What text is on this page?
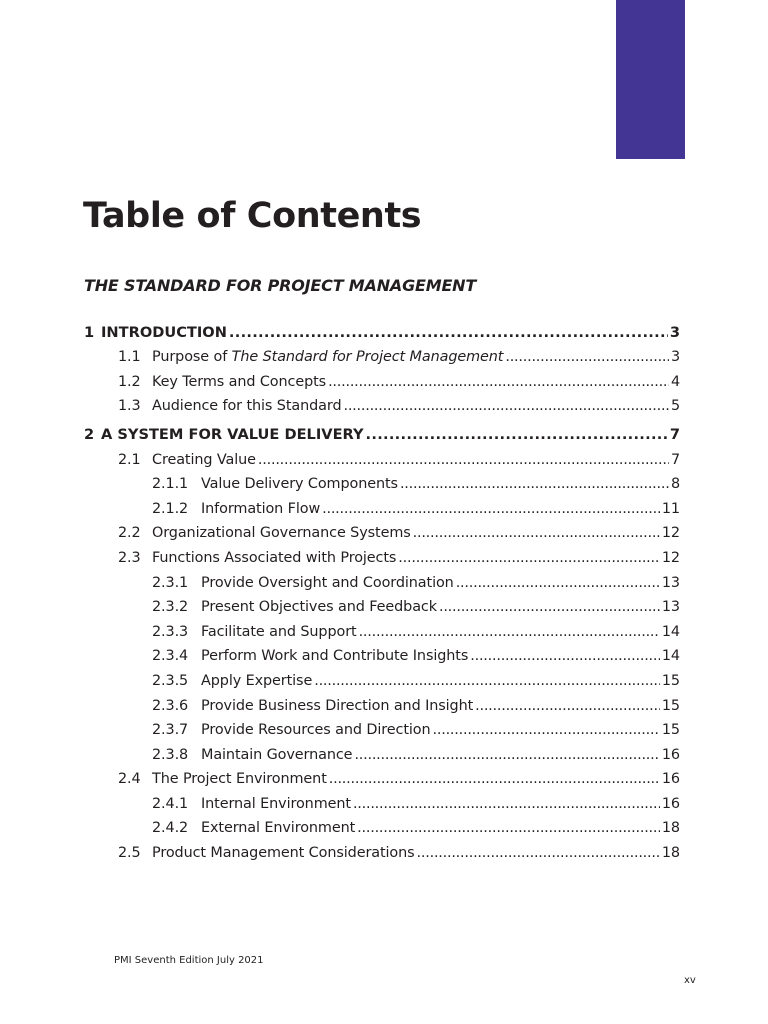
Table of Contents
THE STANDARD FOR PROJECT MANAGEMENT
1 INTRODUCTION . . .	3
1.1 Purpose of The Standard for Project Management . . .	3
1.2 Key Terms and Concepts . . .	4
1.3 Audience for this Standard . . .	5
2 A SYSTEM FOR VALUE DELIVERY . . .	7
2.1 Creating Value . . .	7
2.1.1 Value Delivery Components . . .	8
2.1.2 Information Flow . . .	11
2.2 Organizational Governance Systems . . .	12
2.3 Functions Associated with Projects . . .	12
2.3.1 Provide Oversight and Coordination . . .	13
2.3.2 Present Objectives and Feedback . . .	13
2.3.3 Facilitate and Support . . .	14
2.3.4 Perform Work and Contribute Insights . . .	14
2.3.5 Apply Expertise . . .	15
2.3.6 Provide Business Direction and Insight . . .	15
2.3.7 Provide Resources and Direction . . .	15
2.3.8 Maintain Governance . . .	16
2.4 The Project Environment . . .	16
2.4.1 Internal Environment . . .	16
2.4.2 External Environment . . .	18
2.5 Product Management Considerations . . .	18
PMI Seventh Edition July 2021
xv
